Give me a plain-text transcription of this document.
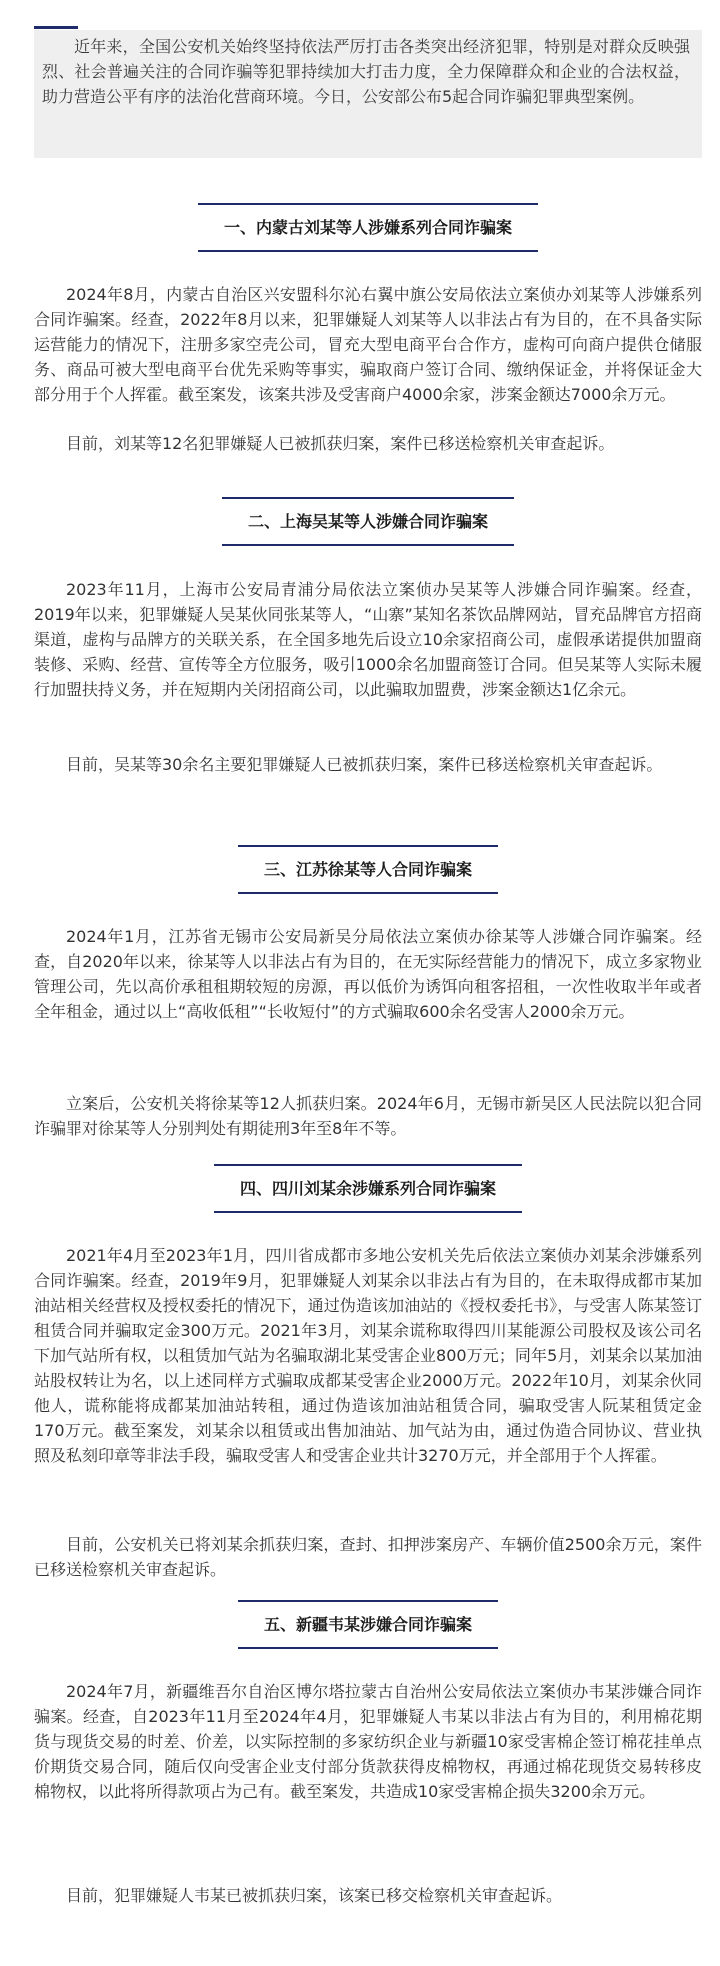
近年来，全国公安机关始终坚持依法严厉打击各类突出经济犯罪，特别是对群众反映强烈、社会普遍关注的合同诈骗等犯罪持续加大打击力度，全力保障群众和企业的合法权益，助力营造公平有序的法治化营商环境。今日，公安部公布5起合同诈骗犯罪典型案例。

一、内蒙古刘某等人涉嫌系列合同诈骗案

2024年8月，内蒙古自治区兴安盟科尔沁右翼中旗公安局依法立案侦办刘某等人涉嫌系列合同诈骗案。经查，2022年8月以来，犯罪嫌疑人刘某等人以非法占有为目的，在不具备实际运营能力的情况下，注册多家空壳公司，冒充大型电商平台合作方，虚构可向商户提供仓储服务、商品可被大型电商平台优先采购等事实，骗取商户签订合同、缴纳保证金，并将保证金大部分用于个人挥霍。截至案发，该案共涉及受害商户4000余家，涉案金额达7000余万元。

目前，刘某等12名犯罪嫌疑人已被抓获归案，案件已移送检察机关审查起诉。

二、上海吴某等人涉嫌合同诈骗案

2023年11月，上海市公安局青浦分局依法立案侦办吴某等人涉嫌合同诈骗案。经查，2019年以来，犯罪嫌疑人吴某伙同张某等人，“山寨”某知名茶饮品牌网站，冒充品牌官方招商渠道，虚构与品牌方的关联关系，在全国多地先后设立10余家招商公司，虚假承诺提供加盟商装修、采购、经营、宣传等全方位服务，吸引1000余名加盟商签订合同。但吴某等人实际未履行加盟扶持义务，并在短期内关闭招商公司，以此骗取加盟费，涉案金额达1亿余元。

目前，吴某等30余名主要犯罪嫌疑人已被抓获归案，案件已移送检察机关审查起诉。

三、江苏徐某等人合同诈骗案

2024年1月，江苏省无锡市公安局新吴分局依法立案侦办徐某等人涉嫌合同诈骗案。经查，自2020年以来，徐某等人以非法占有为目的，在无实际经营能力的情况下，成立多家物业管理公司，先以高价承租租期较短的房源，再以低价为诱饵向租客招租，一次性收取半年或者全年租金，通过以上“高收低租”“长收短付”的方式骗取600余名受害人2000余万元。

立案后，公安机关将徐某等12人抓获归案。2024年6月，无锡市新吴区人民法院以犯合同诈骗罪对徐某等人分别判处有期徒刑3年至8年不等。

四、四川刘某余涉嫌系列合同诈骗案

2021年4月至2023年1月，四川省成都市多地公安机关先后依法立案侦办刘某余涉嫌系列合同诈骗案。经查，2019年9月，犯罪嫌疑人刘某余以非法占有为目的，在未取得成都市某加油站相关经营权及授权委托的情况下，通过伪造该加油站的《授权委托书》，与受害人陈某签订租赁合同并骗取定金300万元。2021年3月，刘某余谎称取得四川某能源公司股权及该公司名下加气站所有权，以租赁加气站为名骗取湖北某受害企业800万元；同年5月，刘某余以某加油站股权转让为名，以上述同样方式骗取成都某受害企业2000万元。2022年10月，刘某余伙同他人，谎称能将成都某加油站转租，通过伪造该加油站租赁合同，骗取受害人阮某租赁定金170万元。截至案发，刘某余以租赁或出售加油站、加气站为由，通过伪造合同协议、营业执照及私刻印章等非法手段，骗取受害人和受害企业共计3270万元，并全部用于个人挥霍。

目前，公安机关已将刘某余抓获归案，查封、扣押涉案房产、车辆价值2500余万元，案件已移送检察机关审查起诉。

五、新疆韦某涉嫌合同诈骗案

2024年7月，新疆维吾尔自治区博尔塔拉蒙古自治州公安局依法立案侦办韦某涉嫌合同诈骗案。经查，自2023年11月至2024年4月，犯罪嫌疑人韦某以非法占有为目的，利用棉花期货与现货交易的时差、价差，以实际控制的多家纺织企业与新疆10家受害棉企签订棉花挂单点价期货交易合同，随后仅向受害企业支付部分货款获得皮棉物权，再通过棉花现货交易转移皮棉物权，以此将所得款项占为己有。截至案发，共造成10家受害棉企损失3200余万元。

目前，犯罪嫌疑人韦某已被抓获归案，该案已移交检察机关审查起诉。
